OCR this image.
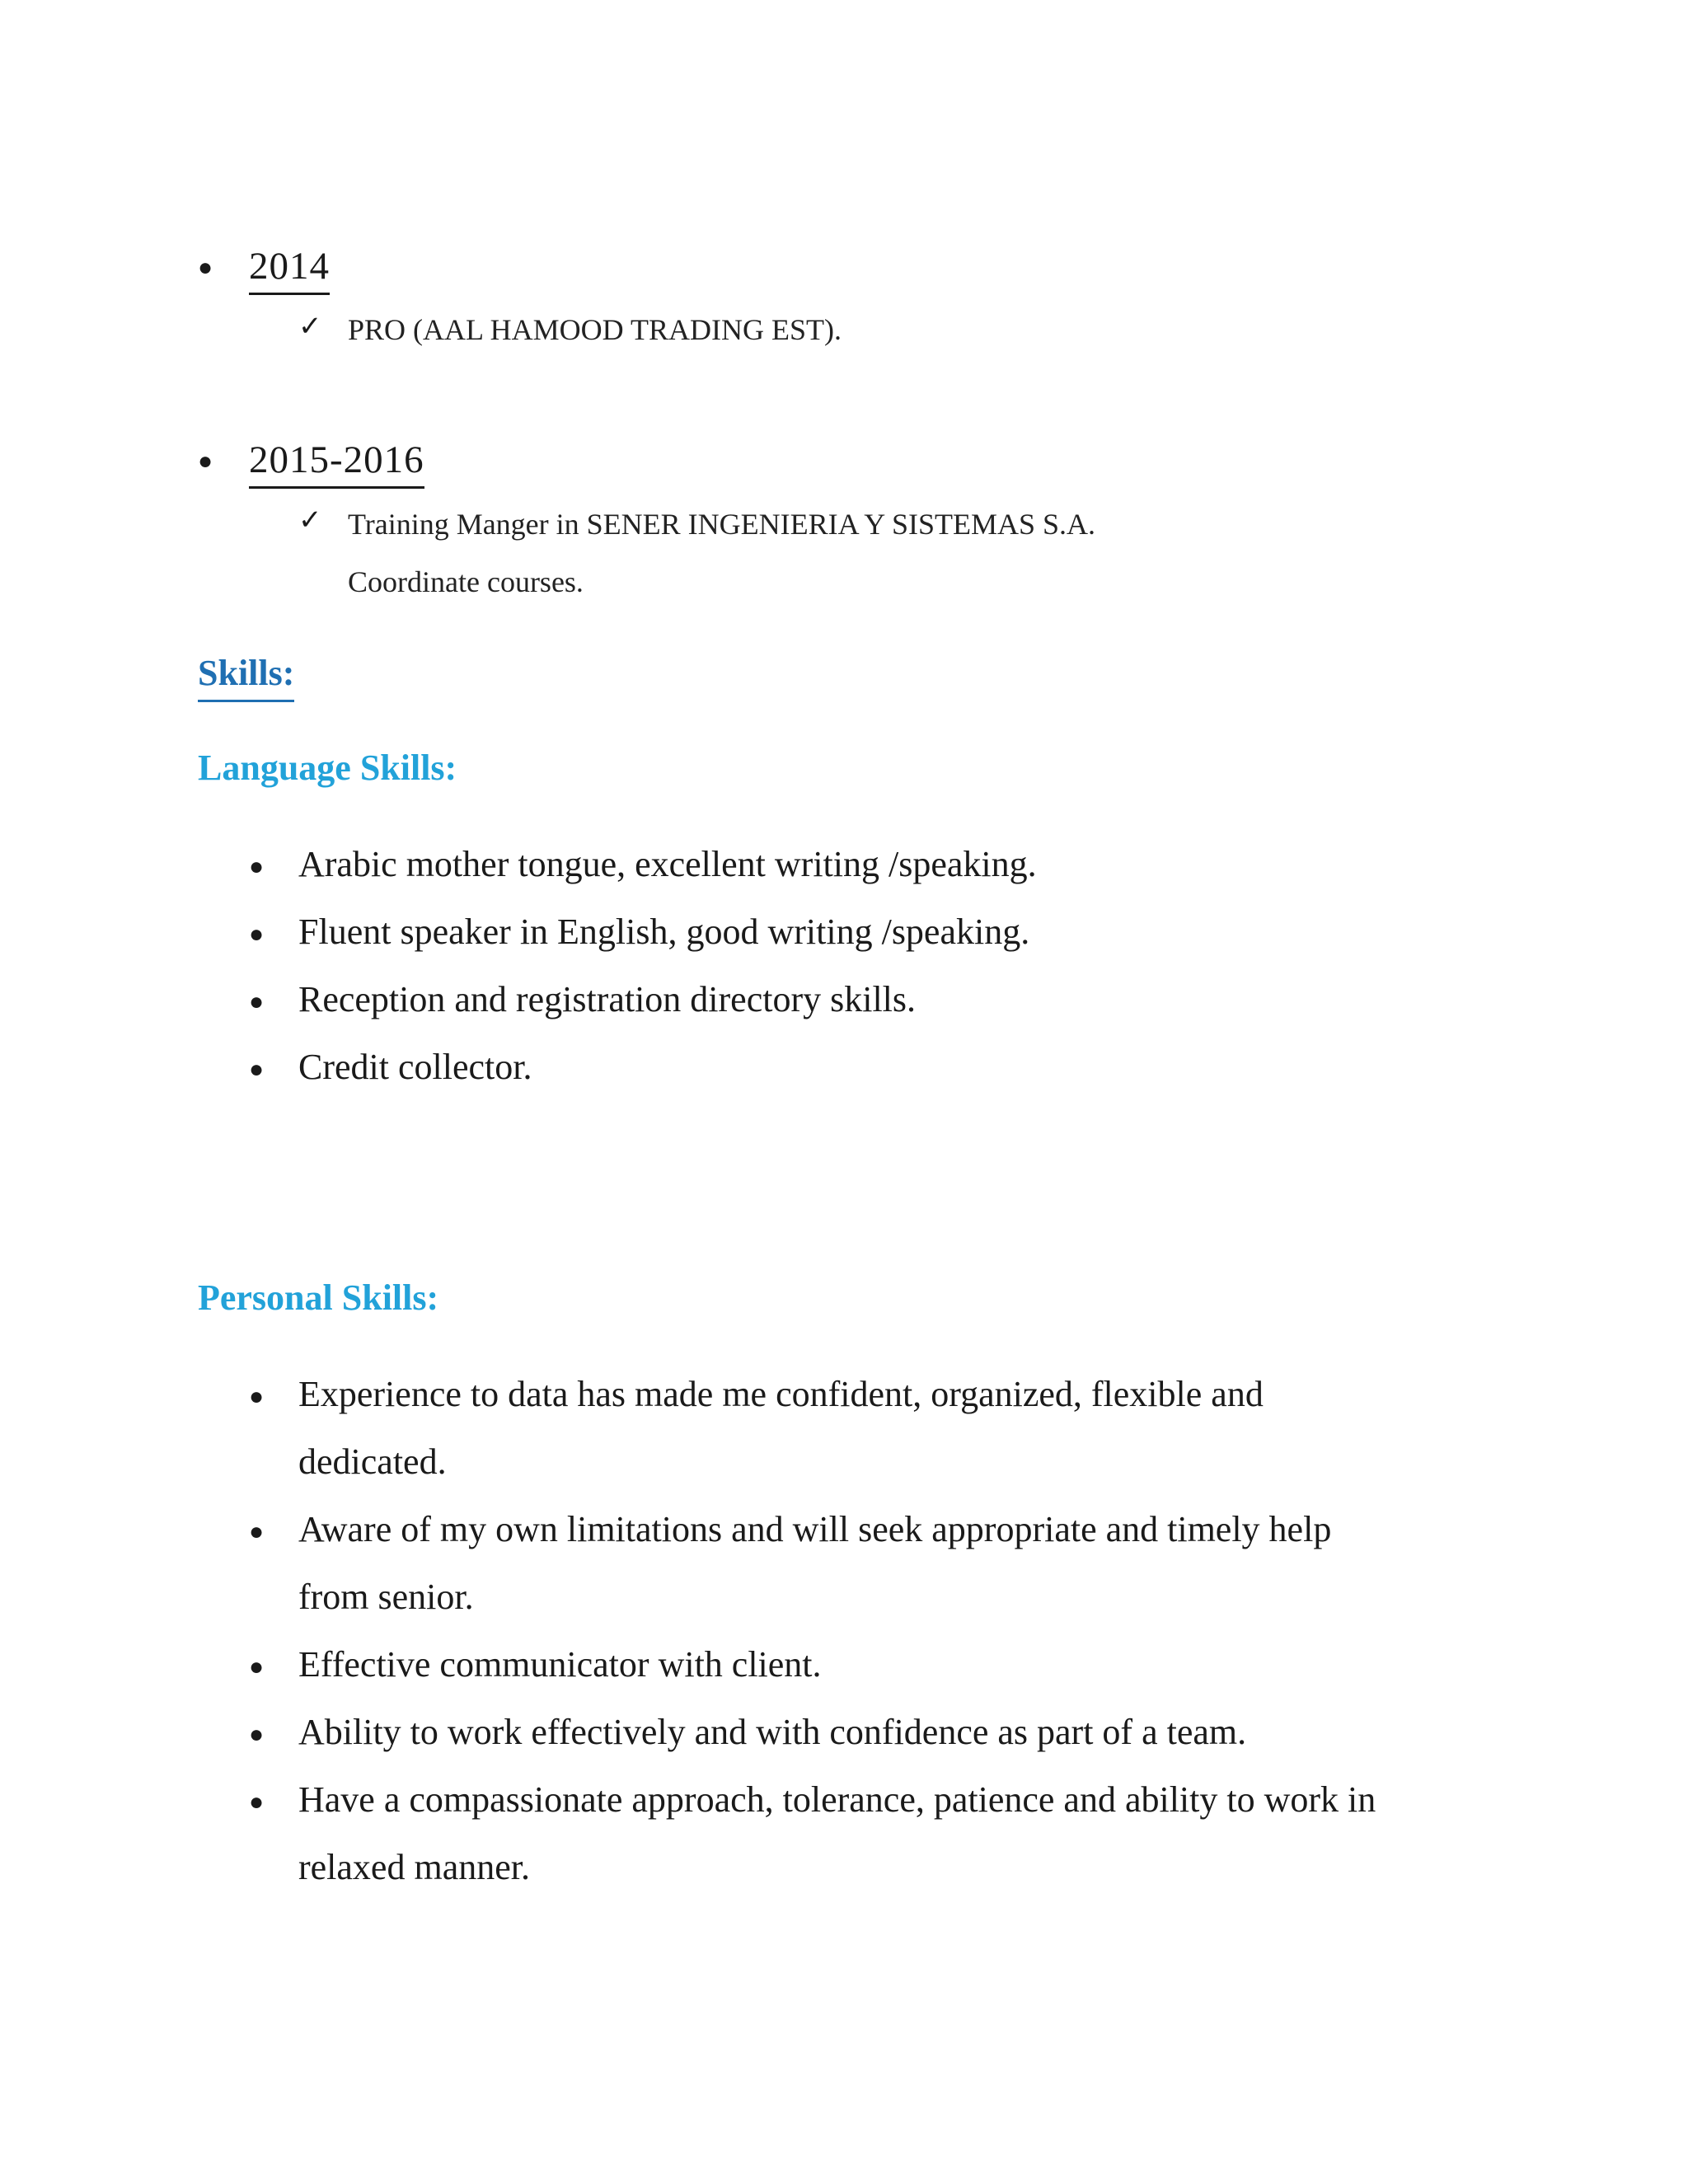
● 2014
✓ PRO (AAL HAMOOD TRADING EST).
● 2015-2016
✓ Training Manger in SENER INGENIERIA Y SISTEMAS S.A.
Coordinate courses.
Skills:
Language Skills:
● Arabic mother tongue, excellent writing /speaking.
● Fluent speaker in English, good writing /speaking.
● Reception and registration directory skills.
● Credit collector.
Personal Skills:
● Experience to data has made me confident, organized, flexible and
dedicated.
● Aware of my own limitations and will seek appropriate and timely help
from senior.
● Effective communicator with client.
● Ability to work effectively and with confidence as part of a team.
● Have a compassionate approach, tolerance, patience and ability to work in
relaxed manner.
